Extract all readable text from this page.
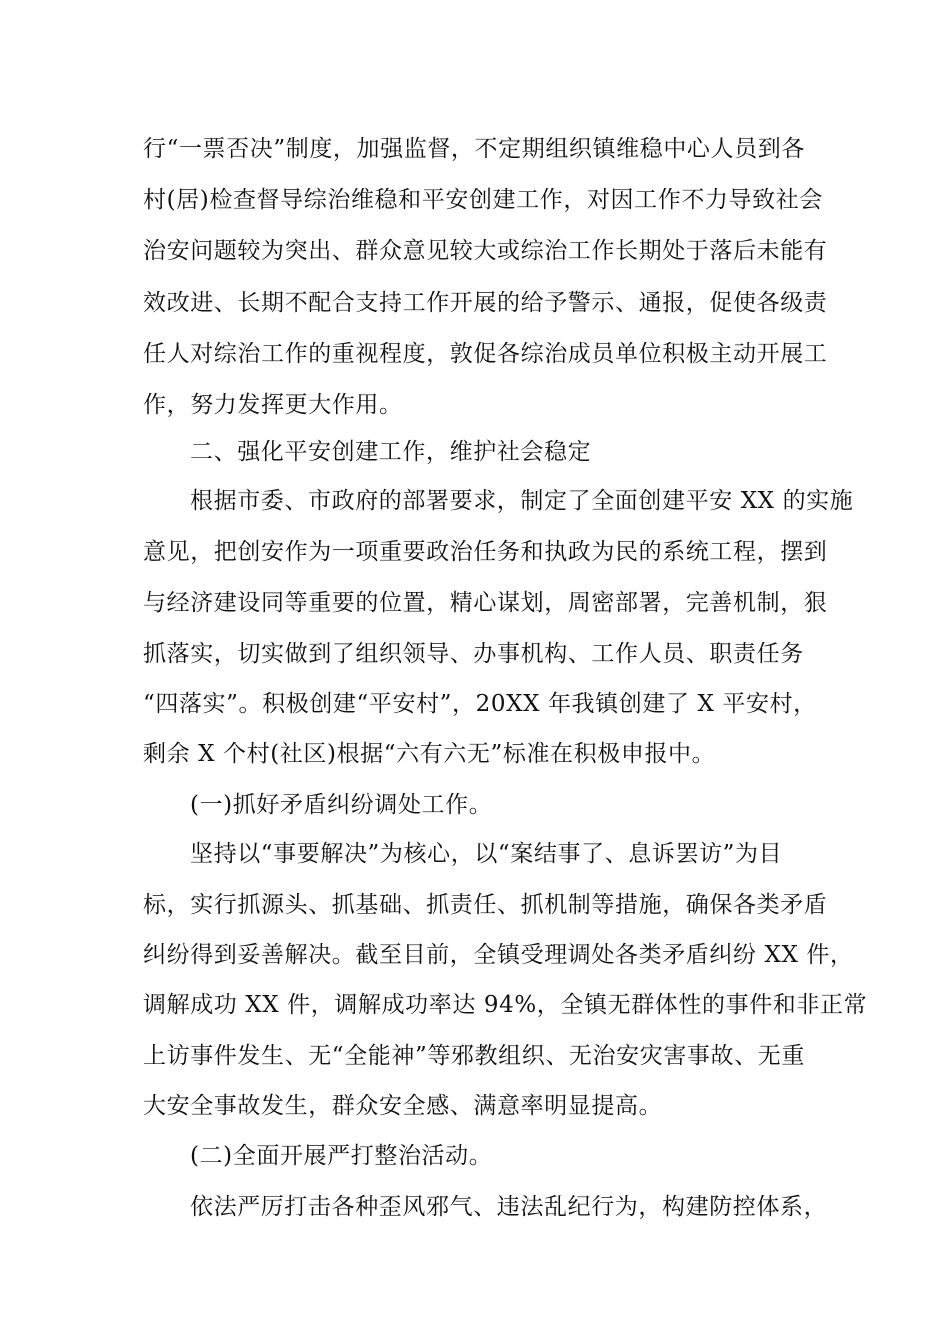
行“一票否决”制度，加强监督，不定期组织镇维稳中心人员到各
村(居)检查督导综治维稳和平安创建工作，对因工作不力导致社会
治安问题较为突出、群众意见较大或综治工作长期处于落后未能有
效改进、长期不配合支持工作开展的给予警示、通报，促使各级责
任人对综治工作的重视程度，敦促各综治成员单位积极主动开展工
作，努力发挥更大作用。
二、强化平安创建工作，维护社会稳定
根据市委、市政府的部署要求，制定了全面创建平安 XX 的实施
意见，把创安作为一项重要政治任务和执政为民的系统工程，摆到
与经济建设同等重要的位置，精心谋划，周密部署，完善机制，狠
抓落实，切实做到了组织领导、办事机构、工作人员、职责任务
“四落实”。积极创建“平安村”，20XX 年我镇创建了 X 平安村，
剩余 X 个村(社区)根据“六有六无”标准在积极申报中。
(一)抓好矛盾纠纷调处工作。
坚持以“事要解决”为核心，以“案结事了、息诉罢访”为目
标，实行抓源头、抓基础、抓责任、抓机制等措施，确保各类矛盾
纠纷得到妥善解决。截至目前，全镇受理调处各类矛盾纠纷 XX 件，
调解成功 XX 件，调解成功率达 94%，全镇无群体性的事件和非正常
上访事件发生、无“全能神”等邪教组织、无治安灾害事故、无重
大安全事故发生，群众安全感、满意率明显提高。
(二)全面开展严打整治活动。
依法严厉打击各种歪风邪气、违法乱纪行为，构建防控体系，
